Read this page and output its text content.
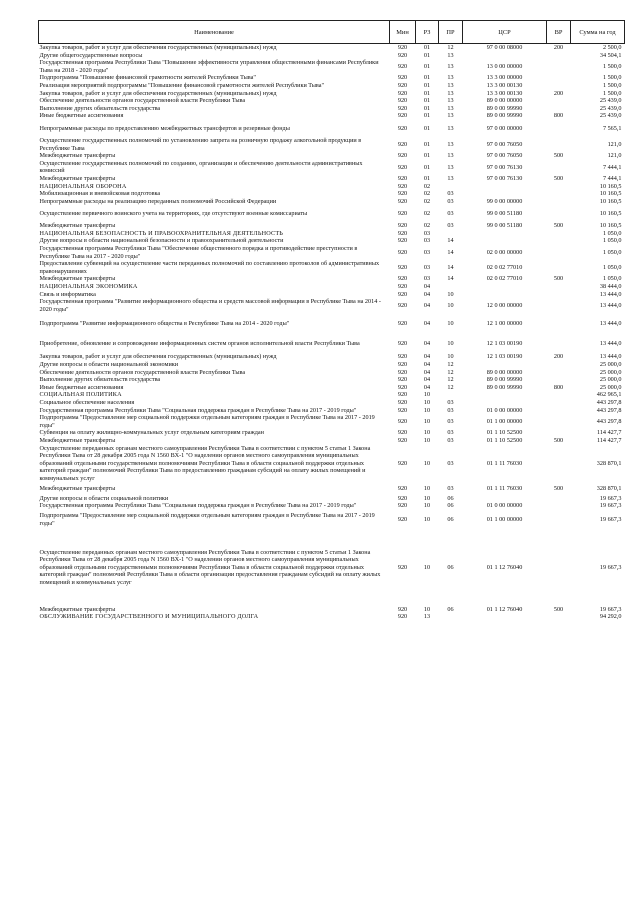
Наименование	Мин	РЗ	ПР	ЦСР	ВР	Сумма на год
Закупка товаров, работ и услуг для обеспечения государственных (муниципальных) нужд	920	01	12	97 0 00 08000	200	2 500,0
Другие общегосударственные вопросы	920	01	13			34 504,1
Государственная программа Республики Тыва "Повышение эффективности управления общественными финансами Республики Тыва на 2018 - 2020 годы"	920	01	13	13 0 00 00000		1 500,0
Подпрограмма "Повышение финансовой грамотности жителей Республики Тыва"	920	01	13	13 3 00 00000		1 500,0
Реализация мероприятий подпрограммы "Повышение финансовой грамотности жителей Республики Тыва"	920	01	13	13 3 00 00130		1 500,0
Закупка товаров, работ и услуг для обеспечения государственных (муниципальных) нужд	920	01	13	13 3 00 00130	200	1 500,0
Обеспечение деятельности органов государственной власти Республики Тыва	920	01	13	89 0 00 00000		25 439,0
Выполнение других обязательств государства	920	01	13	89 0 00 99990		25 439,0
Иные бюджетные ассигнования	920	01	13	89 0 00 99990	800	25 439,0
Непрограммные расходы по предоставлению межбюджетных трансфертов и резервные фонды	920	01	13	97 0 00 00000		7 565,1
Осуществление государственных полномочий по установлению запрета на розничную продажу алкогольной продукции в Республике Тыва	920	01	13	97 0 00 76050		121,0
Межбюджетные трансферты	920	01	13	97 0 00 76050	500	121,0
Осуществление государственных полномочий по созданию, организации и обеспечению деятельности административных комиссий	920	01	13	97 0 00 76130		7 444,1
Межбюджетные трансферты	920	01	13	97 0 00 76130	500	7 444,1
НАЦИОНАЛЬНАЯ ОБОРОНА	920	02				10 160,5
Мобилизационная и вневойсковая подготовка	920	02	03			10 160,5
Непрограммные расходы на реализацию переданных полномочий Российской Федерации	920	02	03	99 0 00 00000		10 160,5
Осуществление первичного воинского учета на территориях, где отсутствуют военные комиссариаты	920	02	03	99 0 00 51180		10 160,5
Межбюджетные трансферты	920	02	03	99 0 00 51180	500	10 160,5
НАЦИОНАЛЬНАЯ БЕЗОПАСНОСТЬ И ПРАВООХРАНИТЕЛЬНАЯ ДЕЯТЕЛЬНОСТЬ	920	03				1 050,0
Другие вопросы в области национальной безопасности и правоохранительной деятельности	920	03	14			1 050,0
Государственная программа Республики Тыва "Обеспечение общественного порядка и противодействие преступности в Республике Тыва на 2017 - 2020 годы"	920	03	14	02 0 00 00000		1 050,0
Предоставление субвенций на осуществление части переданных полномочий по составлению протоколов об административных правонарушениях	920	03	14	02 0 02 77010		1 050,0
Межбюджетные трансферты	920	03	14	02 0 02 77010	500	1 050,0
НАЦИОНАЛЬНАЯ ЭКОНОМИКА	920	04				38 444,0
Связь и информатика	920	04	10			13 444,0
Государственная программа "Развитие информационного общества и средств массовой информации в Республике Тыва на 2014 - 2020 годы"	920	04	10	12 0 00 00000		13 444,0
Подпрограмма "Развитие информационного общества в Республике Тыва на 2014 - 2020 годы"	920	04	10	12 1 00 00000		13 444,0
Приобретение, обновление и сопровождение информационных систем органов исполнительной власти Республики Тыва	920	04	10	12 1 03 00190		13 444,0
Закупка товаров, работ и услуг для обеспечения государственных (муниципальных) нужд	920	04	10	12 1 03 00190	200	13 444,0
Другие вопросы в области национальной экономики	920	04	12			25 000,0
Обеспечение деятельности органов государственной власти Республики Тыва	920	04	12	89 0 00 00000		25 000,0
Выполнение других обязательств государства	920	04	12	89 0 00 99990		25 000,0
Иные бюджетные ассигнования	920	04	12	89 0 00 99990	800	25 000,0
СОЦИАЛЬНАЯ ПОЛИТИКА	920	10				462 965,1
Социальное обеспечение населения	920	10	03			443 297,8
Государственная программа Республики Тыва "Социальная поддержка граждан в Республике Тыва на 2017 - 2019 годы"	920	10	03	01 0 00 00000		443 297,8
Подпрограмма "Предоставление мер социальной поддержки отдельным категориям граждан в Республике Тыва на 2017 - 2019 годы"	920	10	03	01 1 00 00000		443 297,8
Субвенция на оплату жилищно-коммунальных услуг отдельным категориям граждан	920	10	03	01 1 10 52500		114 427,7
Межбюджетные трансферты	920	10	03	01 1 10 52500	500	114 427,7
Осуществление переданных органам местного самоуправления Республики Тыва в соответствии с пунктом 5 статьи 1 Закона Республики Тыва от 28 декабря 2005 года N 1560 ВХ-1 "О наделении органов местного самоуправления муниципальных образований отдельными государственными полномочиями Республики Тыва в области социальной поддержки отдельных категорий граждан" полномочий Республики Тыва по предоставлению гражданам субсидий на оплату жилых помещений и коммунальных услуг	920	10	03	01 1 11 76030		328 870,1
Межбюджетные трансферты	920	10	03	01 1 11 76030	500	328 870,1
Другие вопросы в области социальной политики	920	10	06			19 667,3
Государственная программа Республики Тыва "Социальная поддержка граждан в Республике Тыва на 2017 - 2019 годы"	920	10	06	01 0 00 00000		19 667,3
Подпрограмма "Предоставление мер социальной поддержки отдельным категориям граждан в Республике Тыва на 2017 - 2019 годы"	920	10	06	01 1 00 00000		19 667,3
Осуществление переданных органам местного самоуправления Республики Тыва в соответствии с пунктом 5 статьи 1 Закона Республики Тыва от 28 декабря 2005 года N 1560 ВХ-1 "О наделении органов местного самоуправления муниципальных образований отдельными государственными полномочиями Республики Тыва в области социальной поддержки отдельных категорий граждан" полномочий Республики Тыва в области организации предоставления гражданам субсидий на оплату жилых помещений и коммунальных услуг	920	10	06	01 1 12 76040		19 667,3
Межбюджетные трансферты	920	10	06	01 1 12 76040	500	19 667,3
ОБСЛУЖИВАНИЕ ГОСУДАРСТВЕННОГО И МУНИЦИПАЛЬНОГО ДОЛГА	920	13				94 292,0
